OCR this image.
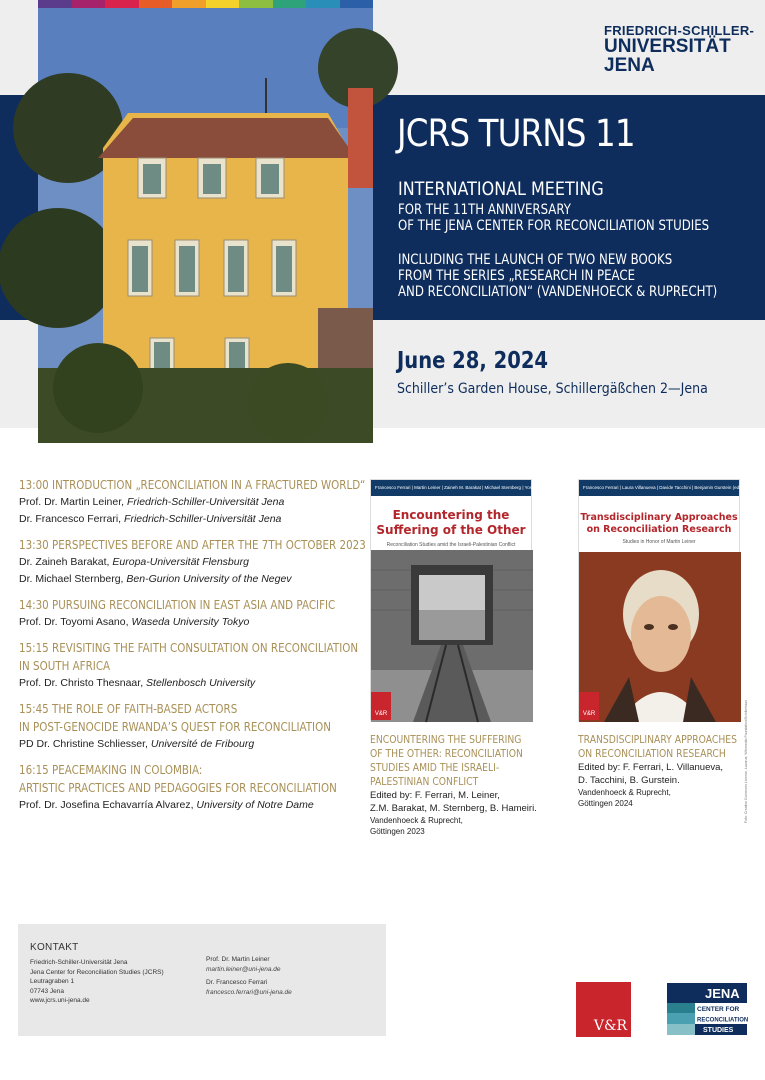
FRIEDRICH-SCHILLER-
UNIVERSITÄT
JENA
JCRS TURNS 11
INTERNATIONAL MEETING
FOR THE 11TH ANNIVERSARY
OF THE JENA CENTER FOR RECONCILIATION STUDIES
INCLUDING THE LAUNCH OF TWO NEW BOOKS
FROM THE SERIES „RESEARCH IN PEACE
AND RECONCILIATION“ (VANDENHOECK & RUPRECHT)
June 28, 2024
Schiller’s Garden House, Schillergäßchen 2—Jena
13:00 INTRODUCTION „RECONCILIATION IN A FRACTURED WORLD“
Prof. Dr. Martin Leiner, Friedrich-Schiller-Universität Jena
Dr. Francesco Ferrari, Friedrich-Schiller-Universität Jena
13:30 PERSPECTIVES BEFORE AND AFTER THE 7TH OCTOBER 2023
Dr. Zaineh Barakat, Europa-Universität Flensburg
Dr. Michael Sternberg, Ben-Gurion University of the Negev
14:30 PURSUING RECONCILIATION IN EAST ASIA AND PACIFIC
Prof. Dr. Toyomi Asano, Waseda University Tokyo
15:15 REVISITING THE FAITH CONSULTATION ON RECONCILIATION
IN SOUTH AFRICA
Prof. Dr. Christo Thesnaar, Stellenbosch University
15:45 THE ROLE OF FAITH-BASED ACTORS
IN POST-GENOCIDE RWANDA’S QUEST FOR RECONCILIATION
PD Dr. Christine Schliesser, Université de Fribourg
16:15 PEACEMAKING IN COLOMBIA:
ARTISTIC PRACTICES AND PEDAGOGIES FOR RECONCILIATION
Prof. Dr. Josefina Echavarría Alvarez, University of Notre Dame
Francesco Ferrari | Martin Leiner | Zaineh M. Barakat | Michael Sternberg | Yossi Hameiri (eds.)
Encountering the
Suffering of the Other
Reconciliation Studies amid the Israeli-Palestinian Conflict
V&R
ENCOUNTERING THE SUFFERING
OF THE OTHER: RECONCILIATION
STUDIES AMID THE ISRAELI-
PALESTINIAN CONFLICT
Edited by: F. Ferrari, M. Leiner,
Z.M. Barakat, M. Sternberg, B. Hameiri.
Vandenhoeck & Ruprecht,
Göttingen 2023
Francesco Ferrari | Laura Villanueva | Davide Tacchini | Benjamin Gurstein (eds.)
Transdisciplinary Approaches
on Reconciliation Research
Studies in Honor of Martin Leiner
V&R
TRANSDISCIPLINARY APPROACHES
ON RECONCILIATION RESEARCH
Edited by: F. Ferrari, L. Villanueva,
D. Tacchini, B. Gurstein.
Vandenhoeck & Ruprecht,
Göttingen 2024	Foto: Creative Commons License, Lazarus, Wikimedia Foundation/Schillerhaus
KONTAKT
Friedrich-Schiller-Universität Jena
Jena Center for Reconciliation Studies (JCRS)
Leutragraben 1
07743 Jena
www.jcrs.uni-jena.de
Prof. Dr. Martin Leiner
martin.leiner@uni-jena.de
Dr. Francesco Ferrari
francesco.ferrari@uni-jena.de
V&R
JENA
CENTER FOR
RECONCILIATION
STUDIES
